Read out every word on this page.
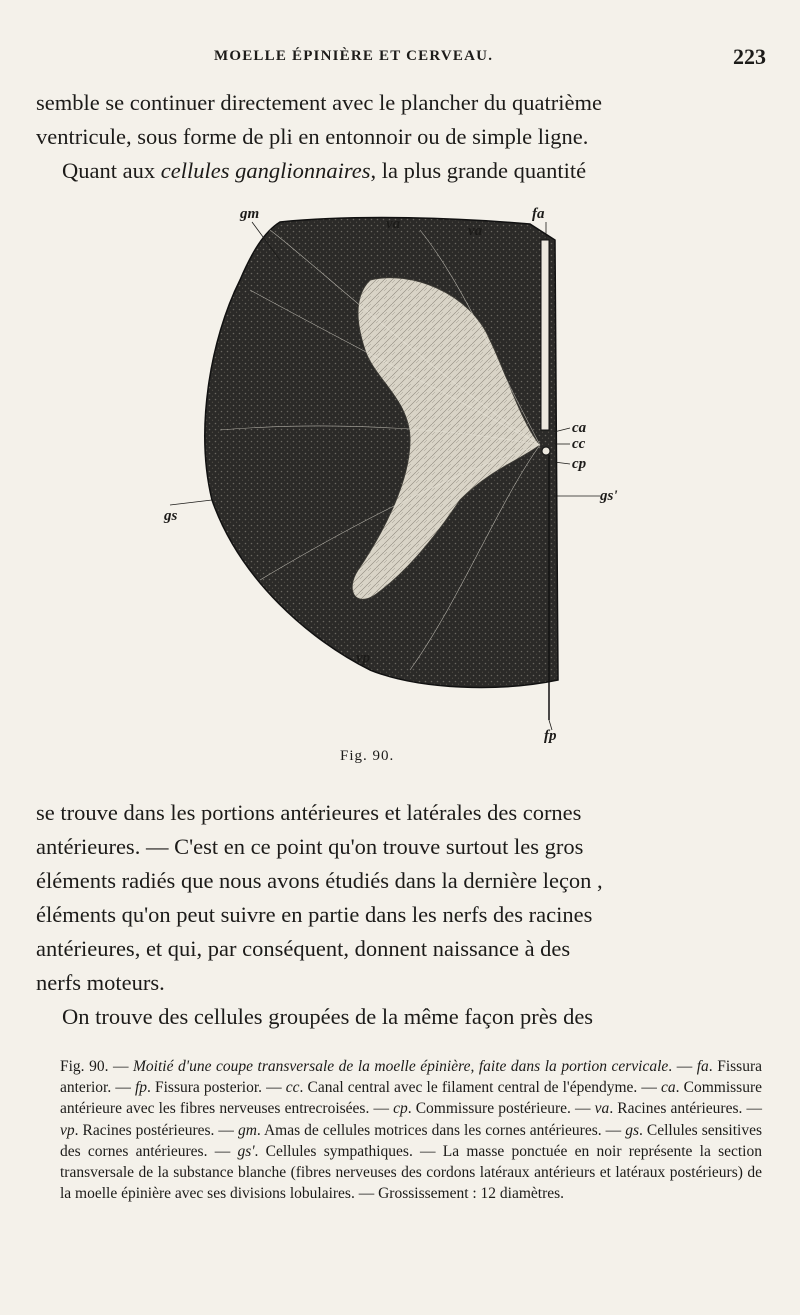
MOELLE ÉPINIÈRE ET CERVEAU.	223

semble se continuer directement avec le plancher du quatrième

ventricule, sous forme de pli en entonnoir ou de simple ligne.

Quant aux cellules ganglionnaires, la plus grande quantité

gm
va	va
fa
ca
cc
cp
gs'
gs
vp
fp
Fig. 90.

se trouve dans les portions antérieures et latérales des cornes

antérieures. — C'est en ce point qu'on trouve surtout les gros

éléments radiés que nous avons étudiés dans la dernière leçon ,

éléments qu'on peut suivre en partie dans les nerfs des racines

antérieures, et qui, par conséquent, donnent naissance à des

nerfs moteurs.

On trouve des cellules groupées de la même façon près des

Fig. 90. — Moitié d'une coupe transversale de la moelle épinière, faite dans la portion cervicale. — fa. Fissura anterior. — fp. Fissura posterior. — cc. Canal central avec le filament central de l'épendyme. — ca. Commissure antérieure avec les fibres nerveuses entrecroisées. — cp. Commissure postérieure. — va. Racines antérieures. — vp. Racines postérieures. — gm. Amas de cellules motrices dans les cornes antérieures. — gs. Cellules sensitives des cornes antérieures. — gs'. Cellules sympathiques. — La masse ponctuée en noir représente la section transversale de la substance blanche (fibres nerveuses des cordons latéraux antérieurs et latéraux postérieurs) de la moelle épinière avec ses divisions lobulaires. — Grossissement : 12 diamètres.
